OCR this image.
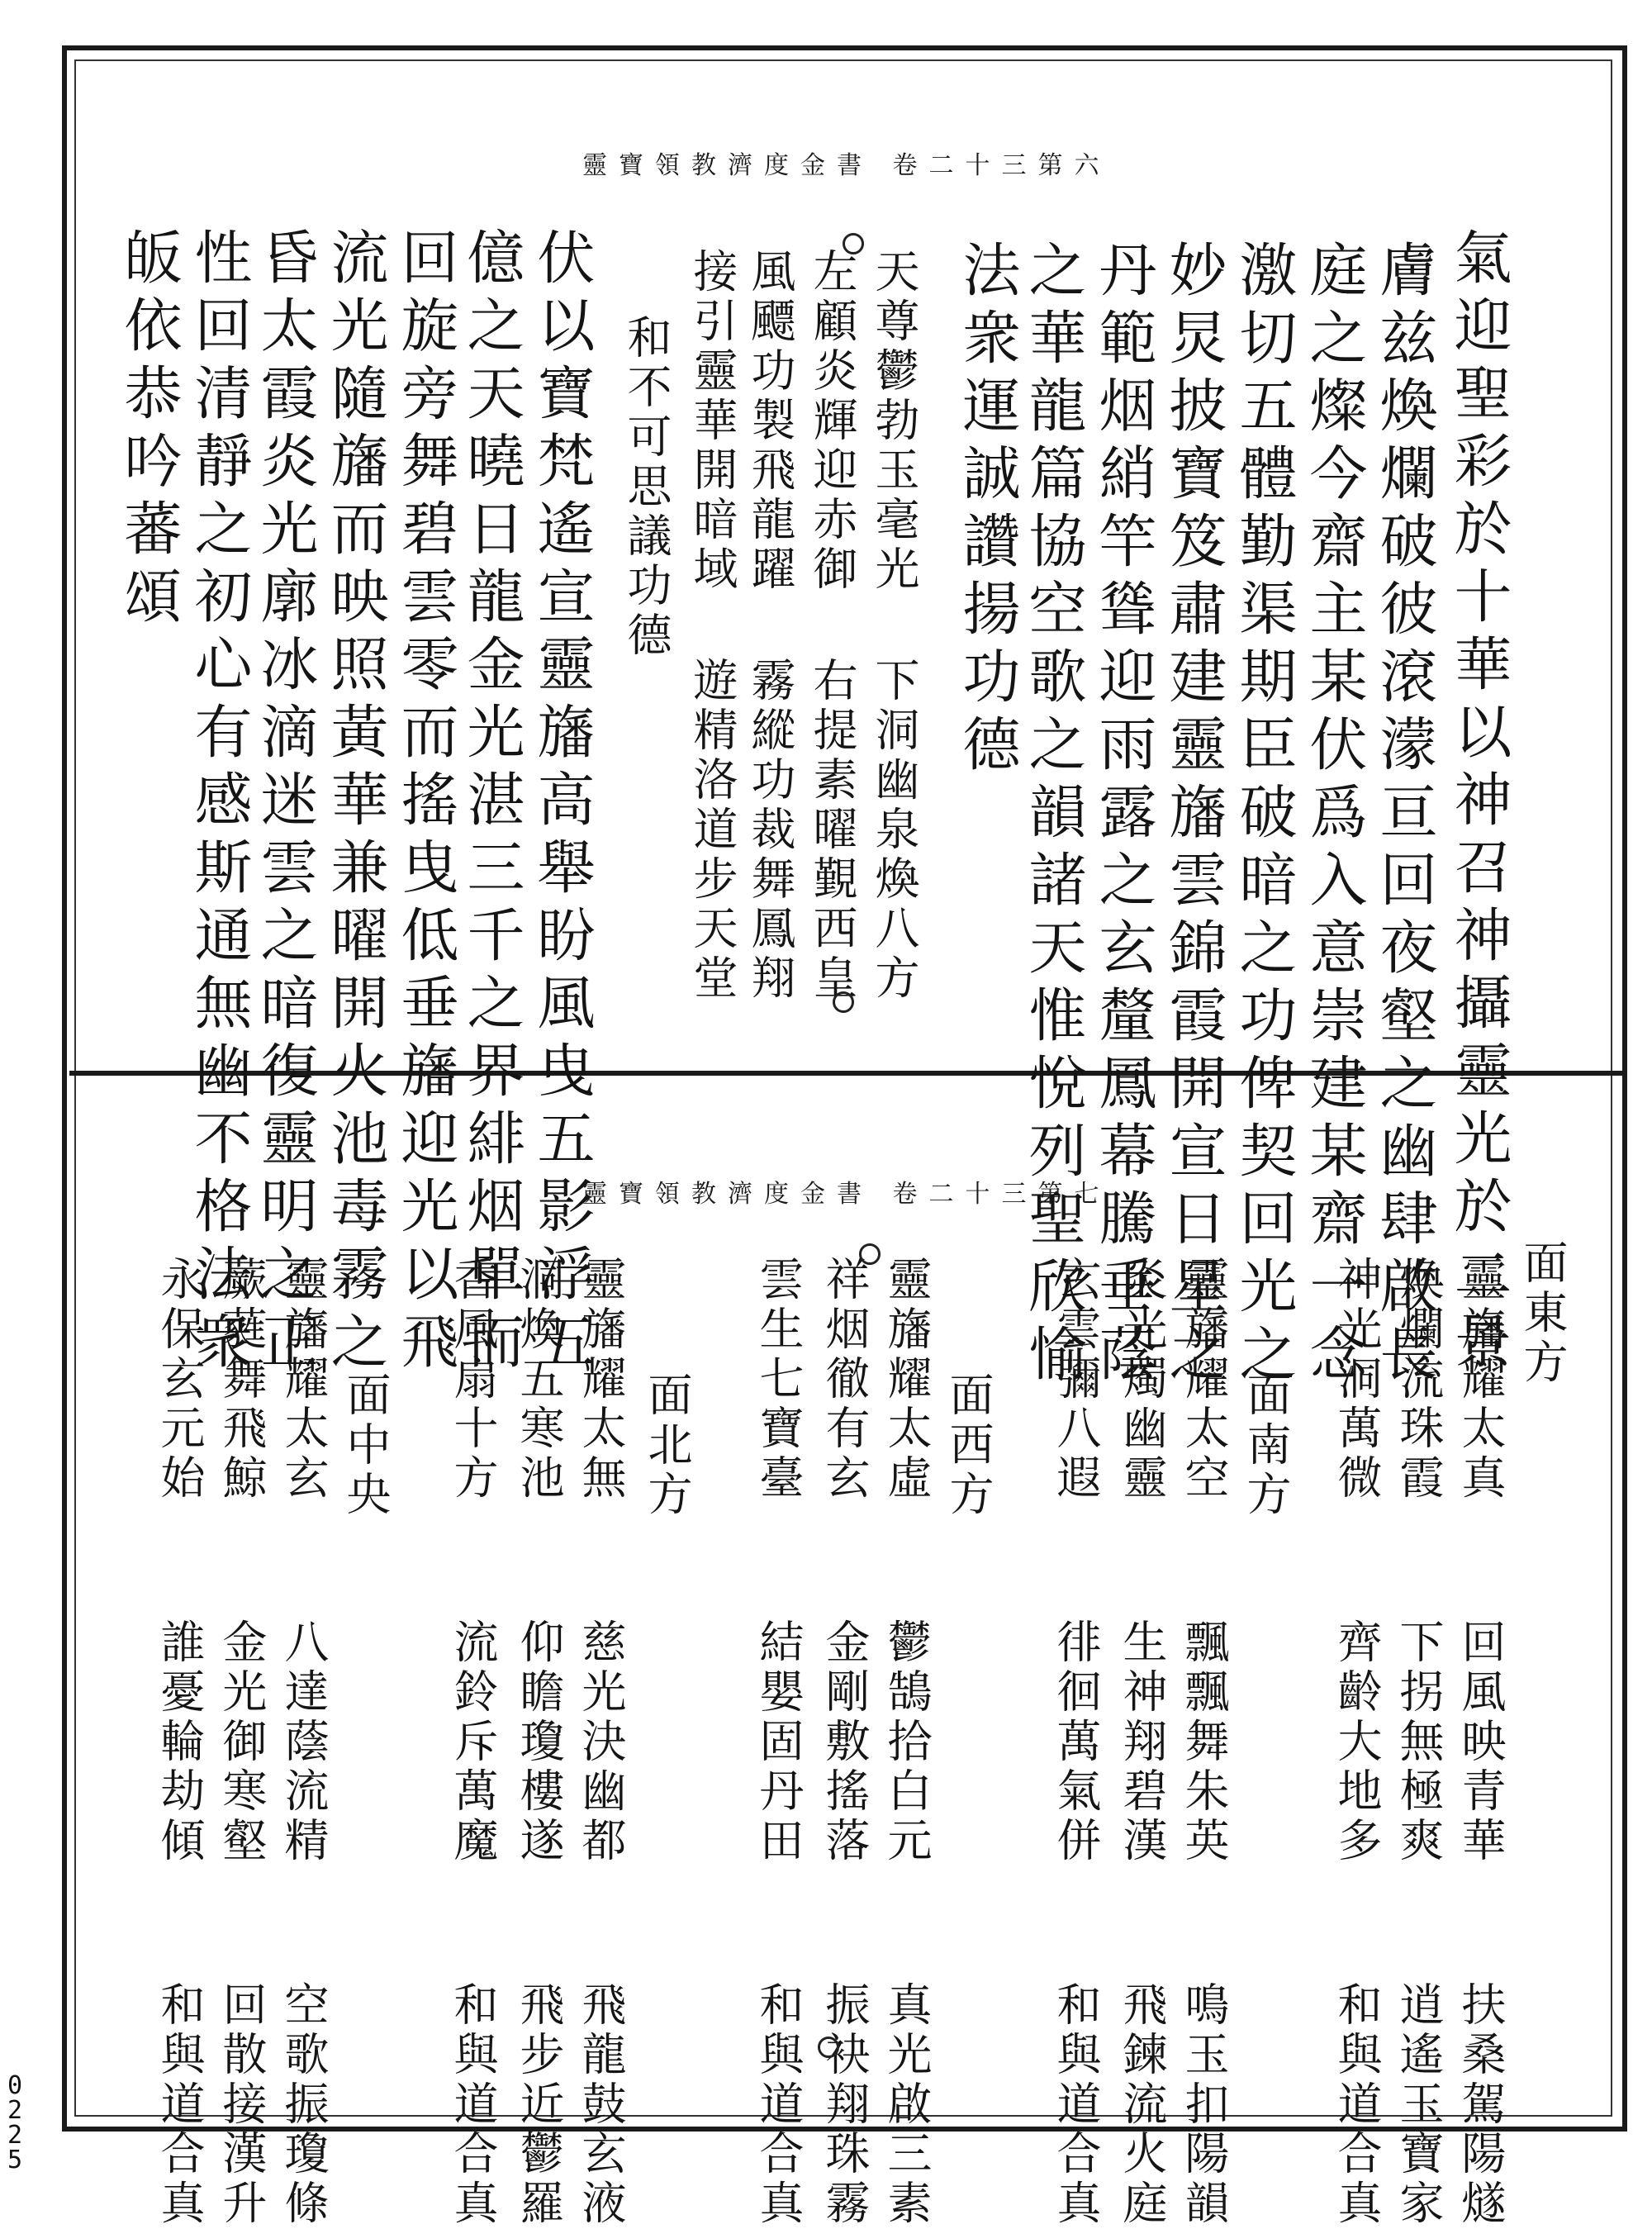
靈寶領教濟度金書 卷二十三第六
氣迎聖彩於十華以神召神攝靈光於二景
膚兹煥爛破彼滾濛亘回夜壑之幽肆啟長
庭之燦今齋主某伏爲入意崇建某齋一念
激切五體勤渠期臣破暗之功俾契回光之
妙炅披寶笈肅建靈旛雲錦霞開宣日星之
丹範烟綃竿聳迎雨露之玄釐鳳幕騰垂蔭
之華龍篇協空歌之韻諸天惟悅列聖欣愉
法衆運誠讚揚功德
天尊鬱勃玉毫光
下洞幽泉煥八方
左顧炎輝迎赤御
右提素曜覲西皇
風飃功製飛龍躍
霧縱功裁舞鳳翔
接引靈華開暗域
遊精洛道步天堂
和不可思議功德
伏以寶梵遙宣靈旛高舉盼風曳五影浮五
億之天曉日龍金光湛三千之界緋烟單而
回旋旁舞碧雲零而搖曳低垂旛迎光以飛
流光隨旛而映照黃華兼曜開火池毒霧之
昏太霞炎光廓冰滴迷雲之暗復靈明之正
性回清靜之初心有感斯通無幽不格法衆
皈依恭吟蕃頌
靈寶領教濟度金書 卷二十三第七
面東方
靈旛耀太真 回風映青華 扶桑駕陽燧
煥爛流珠霞 下拐無極爽 逍遙玉寶家
神光洞萬微 齊齡大地多 和與道合真
面南方
靈旛耀太空 飄飄舞朱英 鳴玉扣陽韻
炎光燭幽靈 生神翔碧漢 飛鍊流火庭
玄雲彌八遐 徘徊萬氣併 和與道合真
面西方
靈旛耀太虛 鬱鵠拾白元 真光啟三素
祥烟徹有玄 金剛敷搖落 振袂翔珠霧
雲生七寶臺 結嬰固丹田 和與道合真
面北方
靈旛耀太無 慈光決幽都 飛龍鼓玄液
洞煥五寒池 仰瞻瓊樓遂 飛步近鬱羅
香風扇十方 流鈴斥萬魔 和與道合真
面中央
靈旛耀太玄 八達蔭流精 空歌振瓊條
蕨蕤舞飛鯨 金光御寒壑 回散接漢升
永保玄元始 誰憂輪劫傾 和與道合真
0225
